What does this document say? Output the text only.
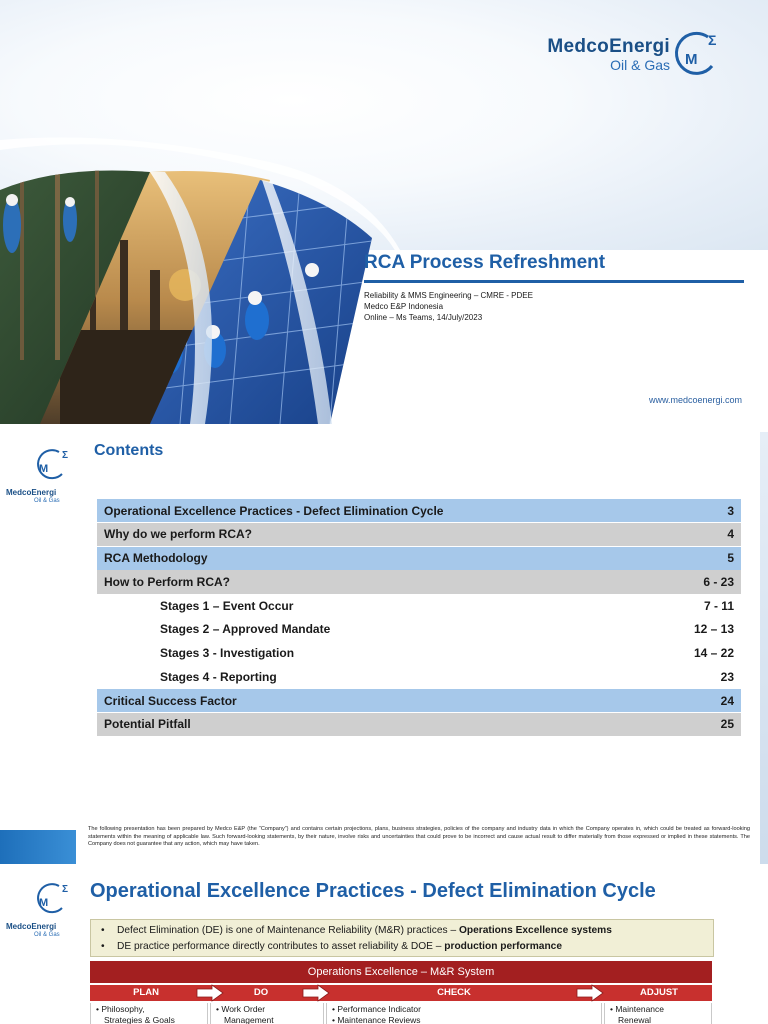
MedcoEnergi
Oil & Gas M
Σ
RCA Process Refreshment
Reliability & MMS Engineering – CMRE - PDEE
Medco E&P Indonesia
Online – Ms Teams, 14/July/2023
www.medcoenergi.com
M
Σ
MedcoEnergi
Oil & Gas
Contents
Operational Excellence Practices - Defect Elimination Cycle	3
Why do we perform RCA?	4
RCA Methodology	5
How to Perform RCA?	6 - 23
Stages 1 – Event Occur	7 - 11
Stages 2 – Approved Mandate	12 – 13
Stages 3 - Investigation	14 – 22
Stages 4 - Reporting	23
Critical Success Factor	24
Potential Pitfall	25
The following presentation has been prepared by Medco E&P (the “Company”) and contains certain projections, plans, business strategies, policies of the company and industry data in which the Company operates in, which could be treated as forward-looking statements within the meaning of applicable law. Such forward-looking statements, by their nature, involve risks and uncertainties that could prove to be incorrect and cause actual result to differ materially from those expressed or implied in these statements. The Company does not guarantee that any action, which may have taken.
M
Σ
MedcoEnergi
Oil & Gas
Operational Excellence Practices - Defect Elimination Cycle
• Defect Elimination (DE) is one of Maintenance Reliability (M&R) practices – Operations Excellence systems
• DE practice performance directly contributes to asset reliability & DOE – production performance
Operations Excellence – M&R System
PLAN	DO	CHECK	ADJUST
• Philosophy,
Strategies & Goals
• Work Order
Management
• Performance Indicator
• Maintenance Reviews
• Maintenance
Renewal
